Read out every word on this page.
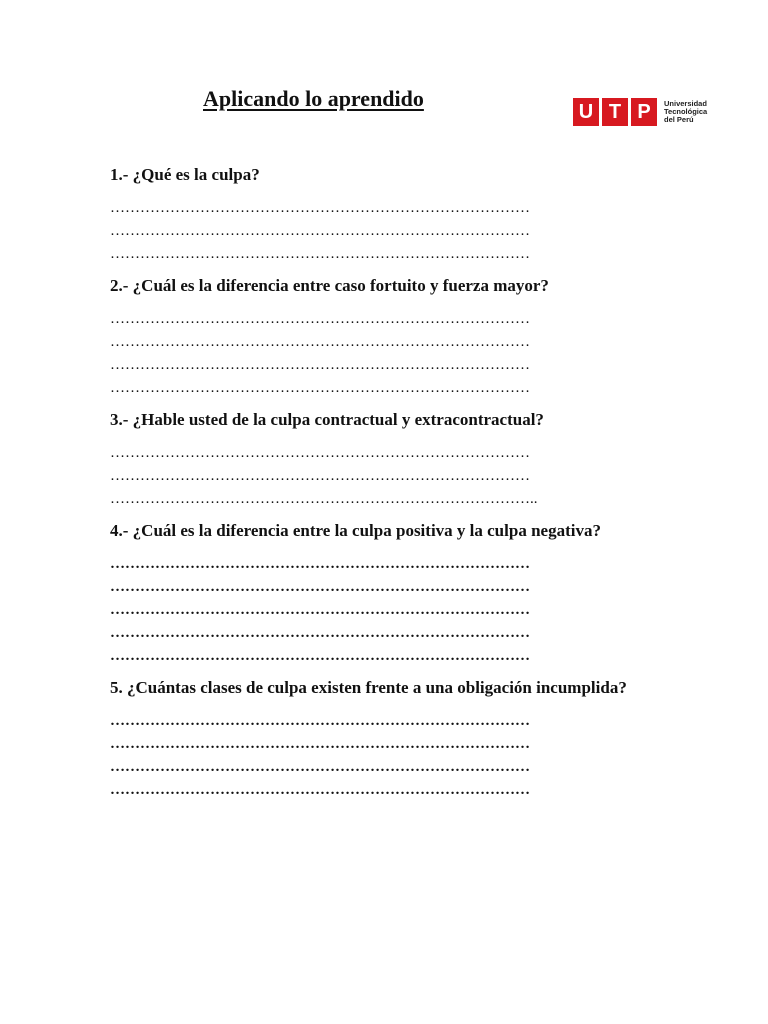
Aplicando lo aprendido
U T P	Universidad
Tecnológica
del Perú

1.- ¿Qué es la culpa?

…………………………………………………………………………
…………………………………………………………………………
…………………………………………………………………………

2.- ¿Cuál es la diferencia entre caso fortuito y fuerza mayor?

…………………………………………………………………………
…………………………………………………………………………
…………………………………………………………………………
…………………………………………………………………………

3.- ¿Hable usted de la culpa contractual y extracontractual?

…………………………………………………………………………
…………………………………………………………………………
…………………………………………………………………………..

4.- ¿Cuál es la diferencia entre la culpa positiva y la culpa negativa?

…………………………………………………………………………
…………………………………………………………………………
…………………………………………………………………………
…………………………………………………………………………
…………………………………………………………………………

5. ¿Cuántas clases de culpa existen frente a una obligación incumplida?

…………………………………………………………………………
…………………………………………………………………………
…………………………………………………………………………
…………………………………………………………………………
